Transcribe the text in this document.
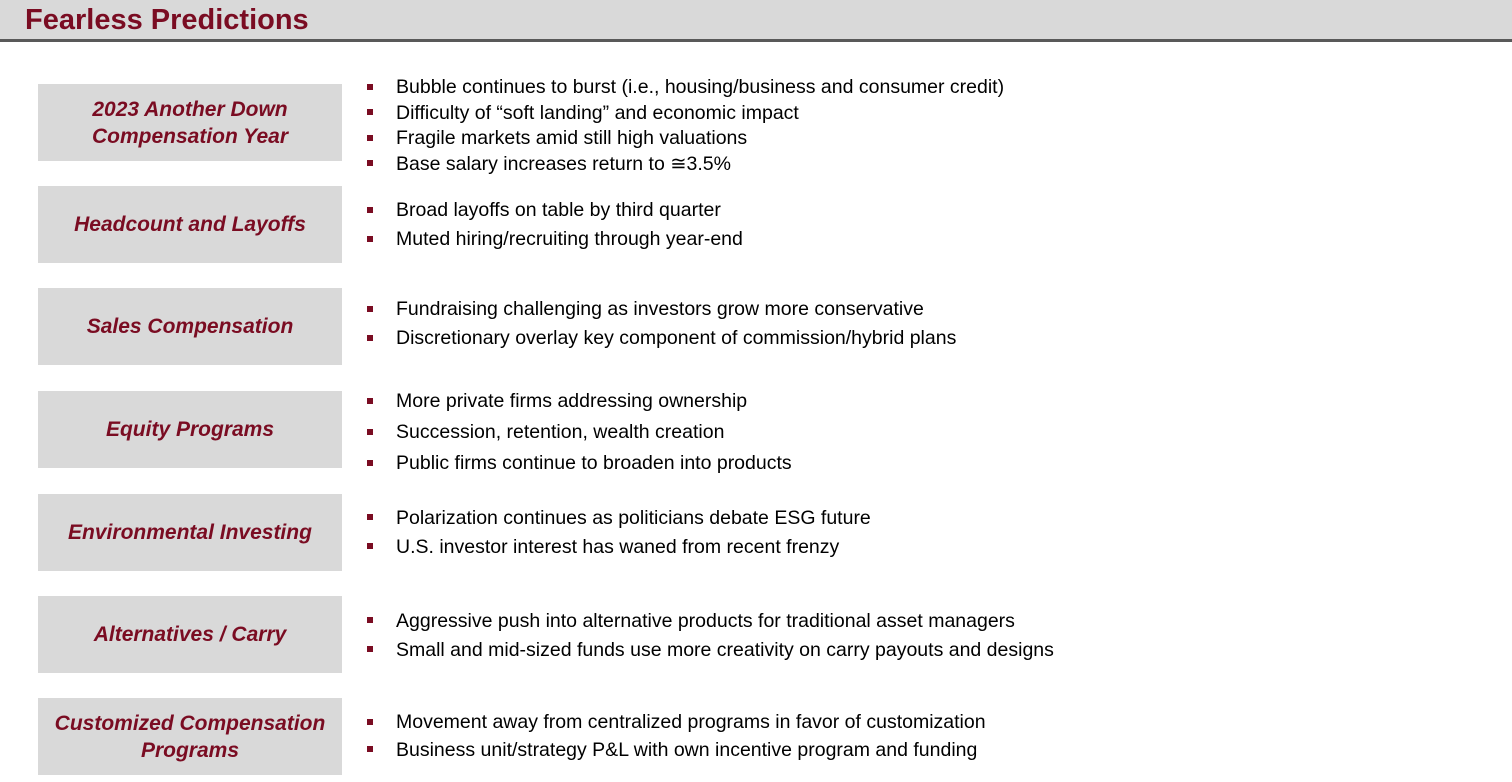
Fearless Predictions
2023 Another Down Compensation Year
Bubble continues to burst (i.e., housing/business and consumer credit)
Difficulty of “soft landing” and economic impact
Fragile markets amid still high valuations
Base salary increases return to ≅3.5%
Headcount and Layoffs
Broad layoffs on table by third quarter
Muted hiring/recruiting through year-end
Sales Compensation
Fundraising challenging as investors grow more conservative
Discretionary overlay key component of commission/hybrid plans
Equity Programs
More private firms addressing ownership
Succession, retention, wealth creation
Public firms continue to broaden into products
Environmental Investing
Polarization continues as politicians debate ESG future
U.S. investor interest has waned from recent frenzy
Alternatives / Carry
Aggressive push into alternative products for traditional asset managers
Small and mid-sized funds use more creativity on carry payouts and designs
Customized Compensation Programs
Movement away from centralized programs in favor of customization
Business unit/strategy P&L with own incentive program and funding
